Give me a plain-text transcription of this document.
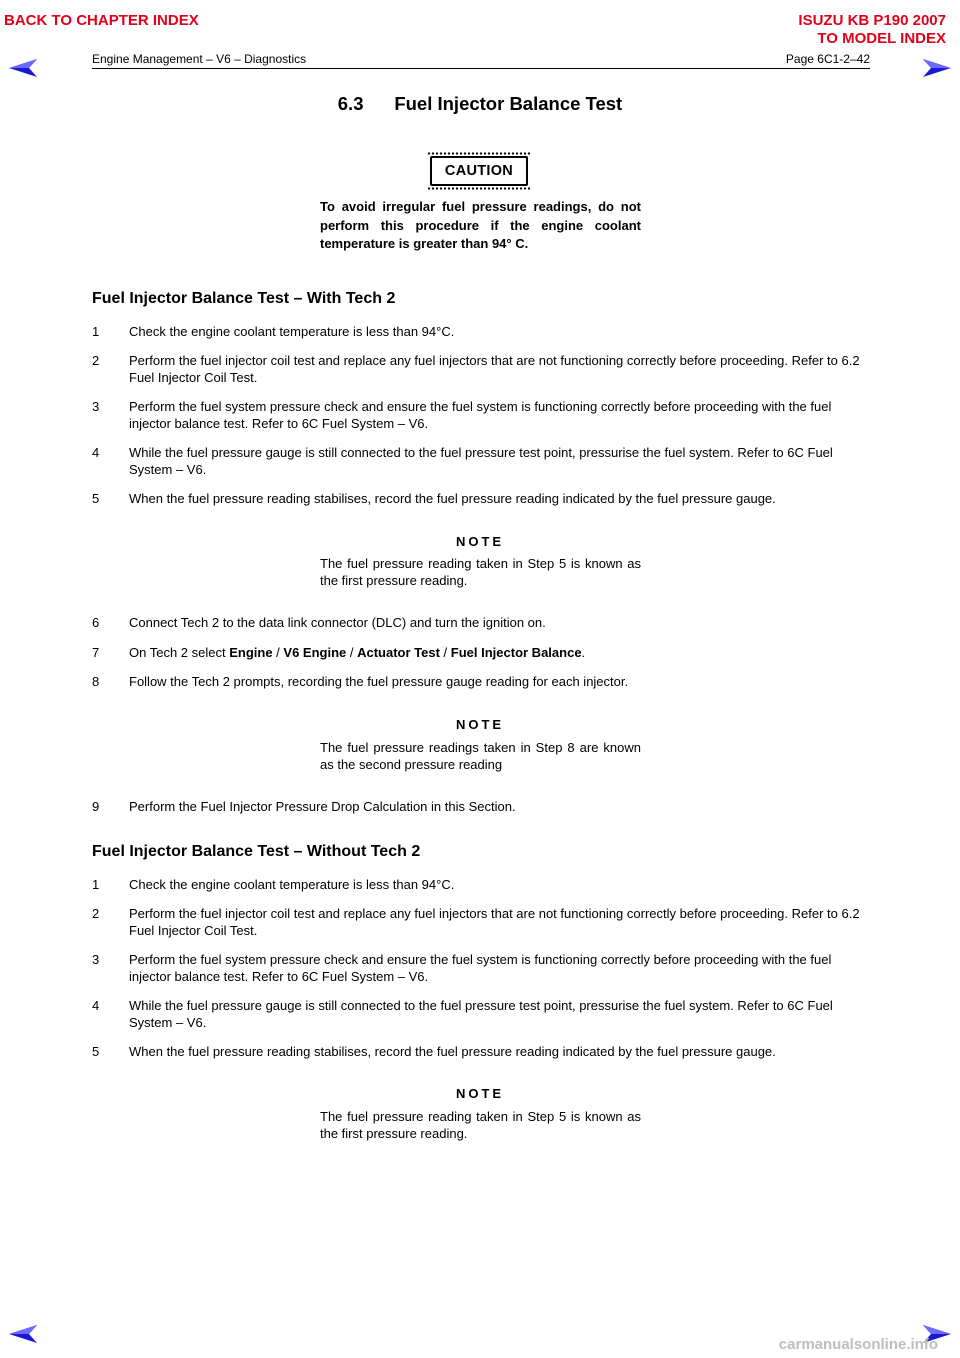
BACK TO CHAPTER INDEX	ISUZU KB P190 2007
TO MODEL INDEX
Engine Management – V6 – Diagnostics	Page 6C1-2–42
6.3      Fuel Injector Balance Test
CAUTION
To avoid irregular fuel pressure readings, do not perform this procedure if the engine coolant temperature is greater than 94° C.
Fuel Injector Balance Test – With Tech 2
1	Check the engine coolant temperature is less than 94°C.
2	Perform the fuel injector coil test and replace any fuel injectors that are not functioning correctly before proceeding. Refer to 6.2      Fuel Injector Coil Test.
3	Perform the fuel system pressure check and ensure the fuel system is functioning correctly before proceeding with the fuel injector balance test. Refer to 6C Fuel System – V6.
4	While the fuel pressure gauge is still connected to the fuel pressure test point, pressurise the fuel system. Refer to 6C Fuel System – V6.
5	When the fuel pressure reading stabilises, record the fuel pressure reading indicated by the fuel pressure gauge.
NOTE
The fuel pressure reading taken in Step 5 is known as the first pressure reading.
6	Connect Tech 2 to the data link connector (DLC) and turn the ignition on.
7	On Tech 2 select Engine / V6 Engine / Actuator Test / Fuel Injector Balance.
8	Follow the Tech 2 prompts, recording the fuel pressure gauge reading for each injector.
NOTE
The fuel pressure readings taken in Step 8 are known as the second pressure reading
9	Perform the Fuel Injector Pressure Drop Calculation in this Section.
Fuel Injector Balance Test – Without Tech 2
1	Check the engine coolant temperature is less than 94°C.
2	Perform the fuel injector coil test and replace any fuel injectors that are not functioning correctly before proceeding. Refer to 6.2    Fuel Injector Coil Test.
3	Perform the fuel system pressure check and ensure the fuel system is functioning correctly before proceeding with the fuel injector balance test. Refer to 6C Fuel System – V6.
4	While the fuel pressure gauge is still connected to the fuel pressure test point, pressurise the fuel system. Refer to 6C Fuel System – V6.
5	When the fuel pressure reading stabilises, record the fuel pressure reading indicated by the fuel pressure gauge.
NOTE
The fuel pressure reading taken in Step 5 is known as the first pressure reading.
carmanualsonline.info
